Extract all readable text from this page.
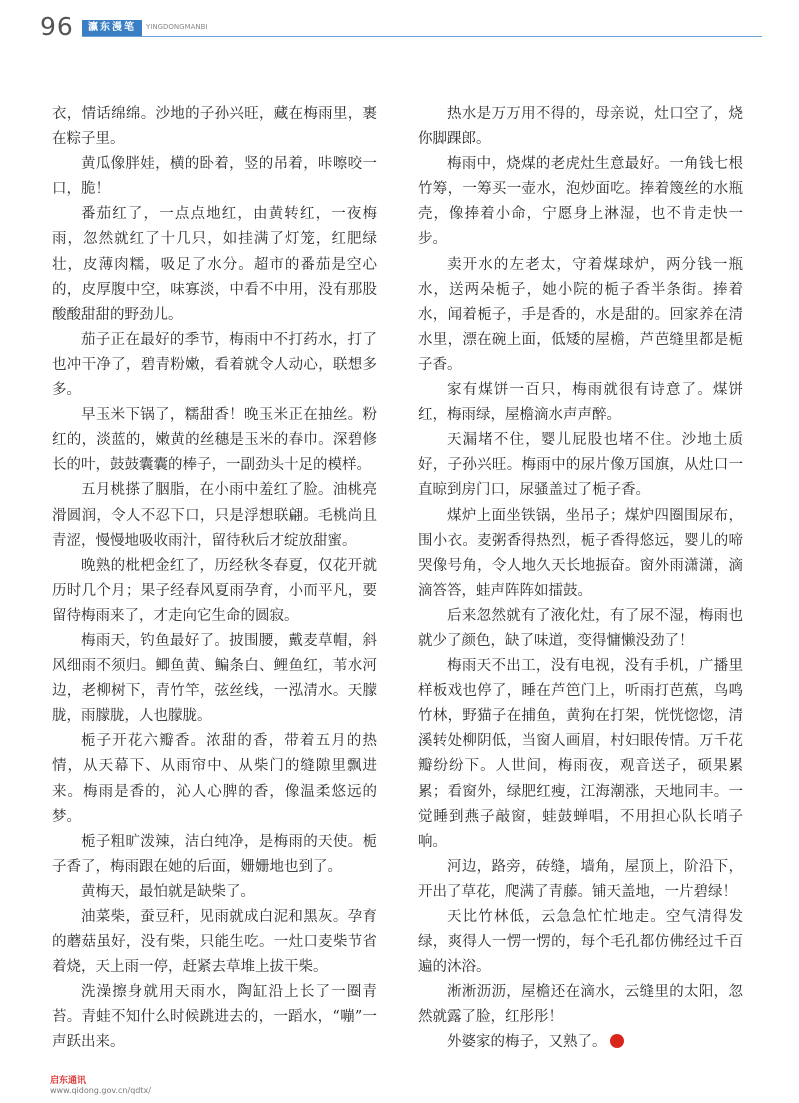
96	瀛东漫笔	YINGDONGMANBI

衣，情话绵绵。沙地的子孙兴旺，藏在梅雨里，裹在粽子里。

黄瓜像胖娃，横的卧着，竖的吊着，咔嚓咬一口，脆！

番茄红了，一点点地红，由黄转红，一夜梅雨，忽然就红了十几只，如挂满了灯笼，红肥绿壮，皮薄肉糯，吸足了水分。超市的番茄是空心的，皮厚腹中空，味寡淡，中看不中用，没有那股酸酸甜甜的野劲儿。

茄子正在最好的季节，梅雨中不打药水，打了也冲干净了，碧青粉嫩，看着就令人动心，联想多多。

早玉米下锅了，糯甜香！晚玉米正在抽丝。粉红的，淡蓝的，嫩黄的丝穗是玉米的春巾。深碧修长的叶，鼓鼓囊囊的棒子，一副劲头十足的模样。

五月桃搽了胭脂，在小雨中羞红了脸。油桃亮滑圆润，令人不忍下口，只是浮想联翩。毛桃尚且青涩，慢慢地吸收雨汁，留待秋后才绽放甜蜜。

晚熟的枇杷金红了，历经秋冬春夏，仅花开就历时几个月；果子经春风夏雨孕育，小而平凡，要留待梅雨来了，才走向它生命的圆寂。

梅雨天，钓鱼最好了。披围腰，戴麦草帽，斜风细雨不须归。鲫鱼黄、鳊条白、鲤鱼红，苇水河边，老柳树下，青竹竿，弦丝线，一泓清水。天朦胧，雨朦胧，人也朦胧。

栀子开花六瓣香。浓甜的香，带着五月的热情，从天幕下、从雨帘中、从柴门的缝隙里飘进来。梅雨是香的，沁人心脾的香，像温柔悠远的梦。

栀子粗旷泼辣，洁白纯净，是梅雨的天使。栀子香了，梅雨跟在她的后面，姗姗地也到了。

黄梅天，最怕就是缺柴了。

油菜柴，蚕豆秆，见雨就成白泥和黑灰。孕育的蘑菇虽好，没有柴，只能生吃。一灶口麦柴节省着烧，天上雨一停，赶紧去草堆上拔干柴。

洗澡擦身就用天雨水，陶缸沿上长了一圈青苔。青蛙不知什么时候跳进去的，一蹈水，“嘣”一声跃出来。

热水是万万用不得的，母亲说，灶口空了，烧你脚踝郎。

梅雨中，烧煤的老虎灶生意最好。一角钱七根竹筹，一筹买一壶水，泡炒面吃。捧着篾丝的水瓶壳，像捧着小命，宁愿身上淋湿，也不肯走快一步。

卖开水的左老太，守着煤球炉，两分钱一瓶水，送两朵栀子，她小院的栀子香半条街。捧着水，闻着栀子，手是香的，水是甜的。回家养在清水里，漂在碗上面，低矮的屋檐，芦芭缝里都是栀子香。

家有煤饼一百只，梅雨就很有诗意了。煤饼红，梅雨绿，屋檐滴水声声醉。

天漏堵不住，婴儿屁股也堵不住。沙地土质好，子孙兴旺。梅雨中的尿片像万国旗，从灶口一直晾到房门口，尿骚盖过了栀子香。

煤炉上面坐铁锅，坐吊子；煤炉四圈围尿布，围小衣。麦粥香得热烈，栀子香得悠远，婴儿的啼哭像号角，令人地久天长地振奋。窗外雨潇潇，滴滴答答，蛙声阵阵如擂鼓。

后来忽然就有了液化灶，有了尿不湿，梅雨也就少了颜色，缺了味道，变得慵懒没劲了！

梅雨天不出工，没有电视，没有手机，广播里样板戏也停了，睡在芦笆门上，听雨打芭蕉，鸟鸣竹林，野猫子在捕鱼，黄狗在打架，恍恍惚惚，清溪转处柳阴低，当窗人画眉，村妇眼传情。万千花瓣纷纷下。人世间，梅雨夜，观音送子，硕果累累；看窗外，绿肥红瘦，江海潮涨，天地同丰。一觉睡到燕子敲窗，蛙鼓蝉唱，不用担心队长哨子响。

河边，路旁，砖缝，墙角，屋顶上，阶沿下，开出了草花，爬满了青藤。铺天盖地，一片碧绿！

天比竹林低，云急急忙忙地走。空气清得发绿，爽得人一愣一愣的，每个毛孔都仿佛经过千百遍的沐浴。

淅淅沥沥，屋檐还在滴水，云缝里的太阳，忽然就露了脸，红彤彤！

外婆家的梅子，又熟了。

启东通讯
www.qidong.gov.cn/qdtx/
